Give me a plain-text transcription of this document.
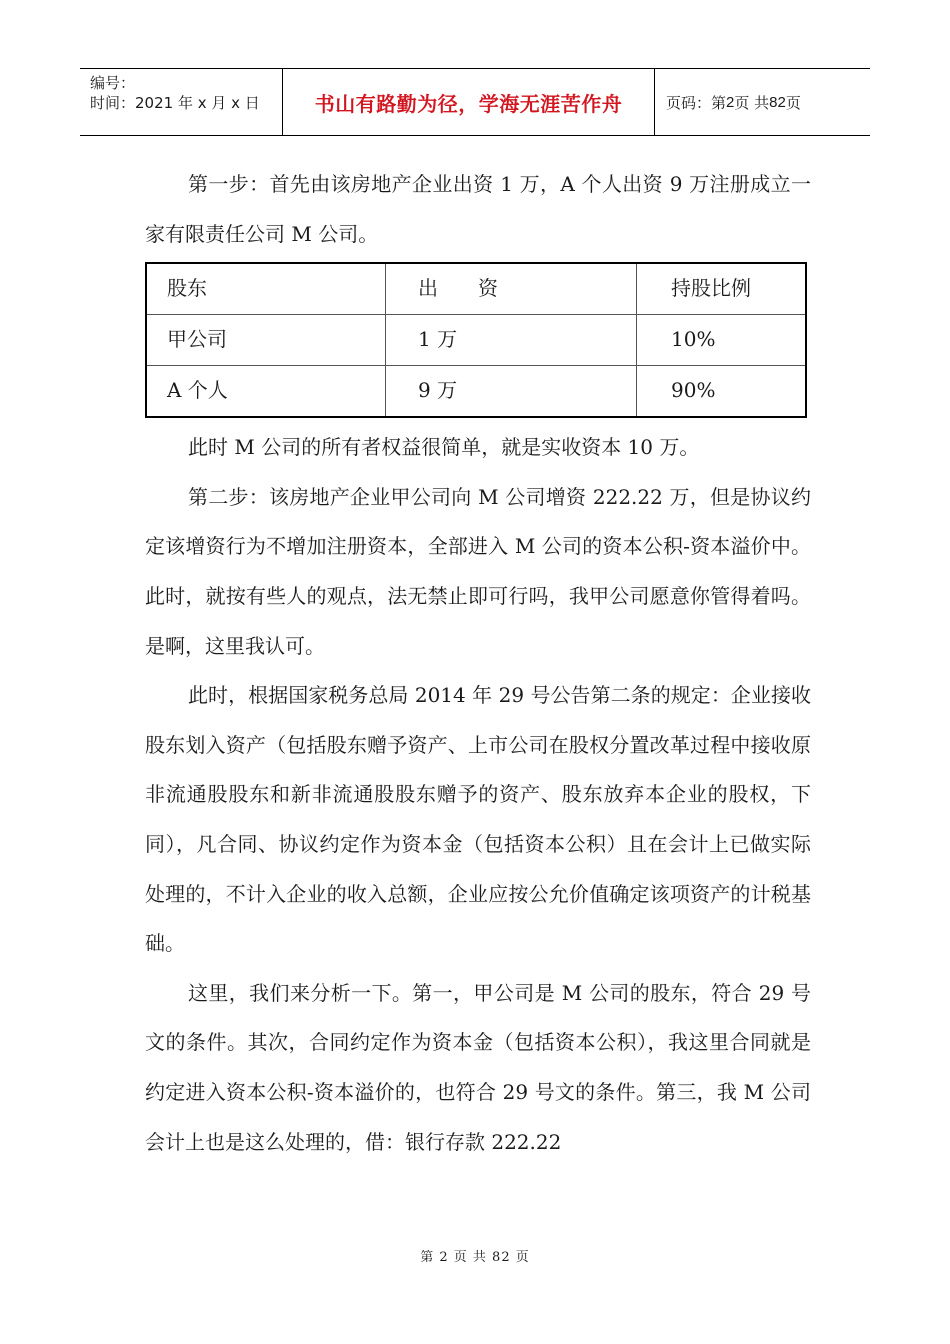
编号：
时间：2021 年 x 月 x 日	书山有路勤为径，学海无涯苦作舟	页码：第 2 页 共 82 页

第一步：首先由该房地产企业出资 1 万，A 个人出资 9 万注册成立一家有限责任公司 M 公司。

股东	出　　资	持股比例
甲公司	1 万	10%
A 个人	9 万	90%

此时 M 公司的所有者权益很简单，就是实收资本 10 万。

第二步：该房地产企业甲公司向 M 公司增资 222.22 万，但是协议约定该增资行为不增加注册资本，全部进入 M 公司的资本公积-资本溢价中。此时，就按有些人的观点，法无禁止即可行吗，我甲公司愿意你管得着吗。是啊，这里我认可。

此时，根据国家税务总局 2014 年 29 号公告第二条的规定：企业接收股东划入资产（包括股东赠予资产、上市公司在股权分置改革过程中接收原非流通股股东和新非流通股股东赠予的资产、股东放弃本企业的股权，下同），凡合同、协议约定作为资本金（包括资本公积）且在会计上已做实际处理的，不计入企业的收入总额，企业应按公允价值确定该项资产的计税基础。

这里，我们来分析一下。第一，甲公司是 M 公司的股东，符合 29 号文的条件。其次，合同约定作为资本金（包括资本公积），我这里合同就是约定进入资本公积-资本溢价的，也符合 29 号文的条件。第三，我 M 公司会计上也是这么处理的，借：银行存款 222.22

第 2 页 共 82 页
